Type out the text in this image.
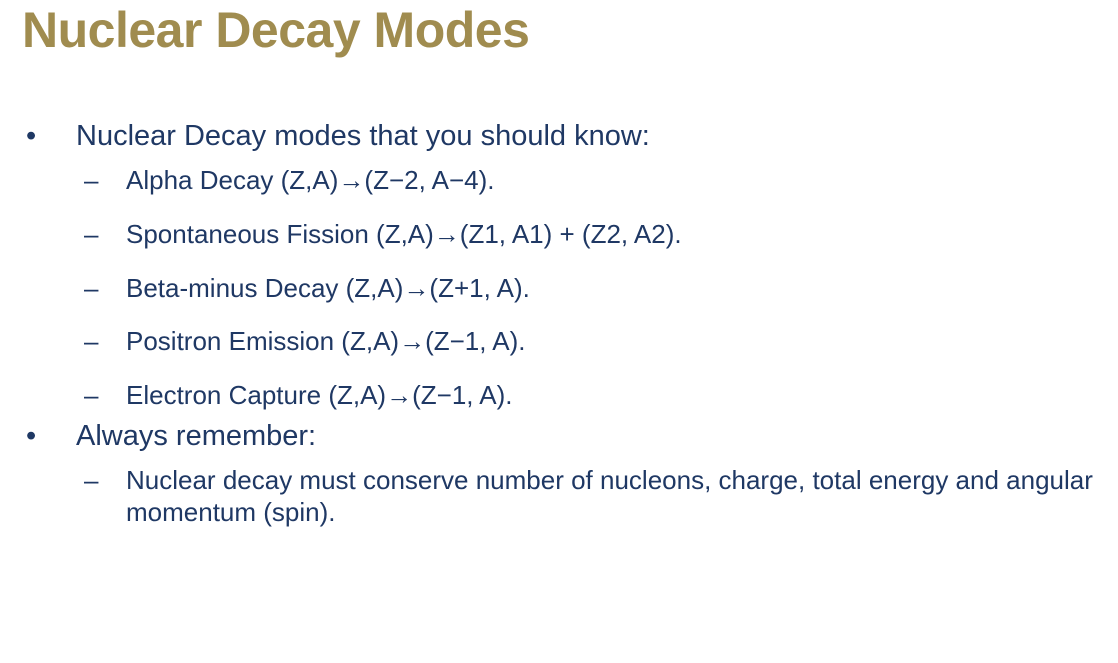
Nuclear Decay Modes
• Nuclear Decay modes that you should know:
– Alpha Decay (Z,A)→(Z−2, A−4).
– Spontaneous Fission (Z,A)→(Z1, A1) + (Z2, A2).
– Beta-minus Decay (Z,A)→(Z+1, A).
– Positron Emission (Z,A)→(Z−1, A).
– Electron Capture (Z,A)→(Z−1, A).
• Always remember:
– Nuclear decay must conserve number of nucleons, charge, total energy and angular momentum (spin).
